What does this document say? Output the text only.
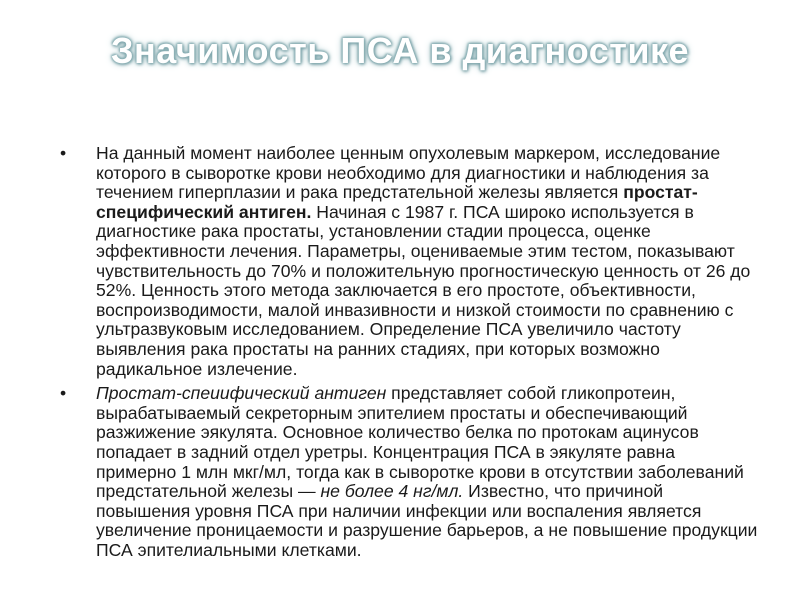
Значимость ПСА в диагностике
• На данный момент наиболее ценным опухолевым маркером, исследование которого в сыворотке крови необходимо для диагностики и наблюдения за течением гиперплазии и рака предстательной железы является простат-специфический антиген. Начиная с 1987 г. ПСА широко используется в диагностике рака простаты, установлении стадии процесса, оценке эффективности лечения. Параметры, оцениваемые этим тестом, показывают чувствительность до 70% и положительную прогностическую ценность от 26 до 52%. Ценность этого метода заключается в его простоте, объективности, воспроизводимости, малой инвазивности и низкой стоимости по сравнению с ультразвуковым исследованием. Определение ПСА увеличило частоту выявления рака простаты на ранних стадиях, при которых возможно радикальное излечение.
• Простат-спеиифический антиген представляет собой гликопротеин, вырабатываемый секреторным эпителием простаты и обеспечивающий разжижение эякулята. Основное количество белка по протокам ацинусов попадает в задний отдел уретры. Концентрация ПСА в эякуляте равна примерно 1 млн мкг/мл, тогда как в сыворотке крови в отсутствии заболеваний предстательной железы — не более 4 нг/мл. Известно, что причиной повышения уровня ПСА при наличии инфекции или воспаления является увеличение проницаемости и разрушение барьеров, а не повышение продукции ПСА эпителиальными клетками.
